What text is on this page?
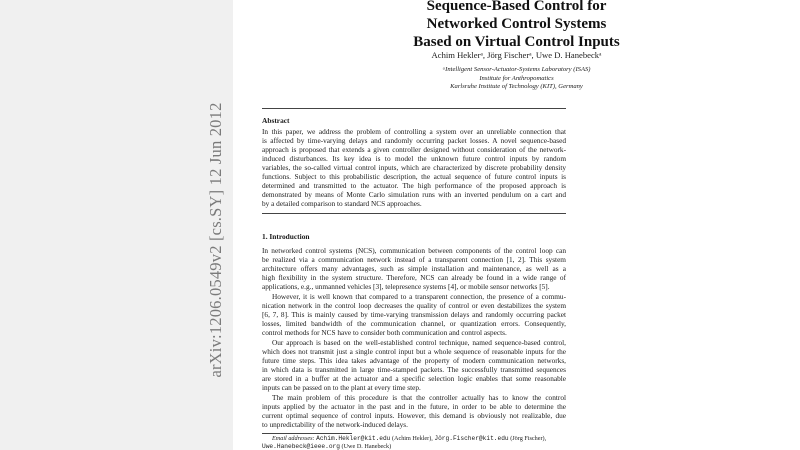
arXiv:1206.0549v2 [cs.SY] 12 Jun 2012
Sequence-Based Control for
Networked Control Systems
Based on Virtual Control Inputs
Achim Heklerᵃ, Jörg Fischerᵃ, Uwe D. Hanebeckᵃ
ᵃIntelligent Sensor-Actuator-Systems Laboratory (ISAS)
Institute for Anthropomatics
Karlsruhe Institute of Technology (KIT), Germany
Abstract
In this paper, we address the problem of controlling a system over an unreliable connection that
is affected by time-varying delays and randomly occurring packet losses. A novel sequence-based
approach is proposed that extends a given controller designed without consideration of the network-
induced disturbances. Its key idea is to model the unknown future control inputs by random
variables, the so-called virtual control inputs, which are characterized by discrete probability density
functions. Subject to this probabilistic description, the actual sequence of future control inputs is
determined and transmitted to the actuator. The high performance of the proposed approach is
demonstrated by means of Monte Carlo simulation runs with an inverted pendulum on a cart and
by a detailed comparison to standard NCS approaches.
1. Introduction
In networked control systems (NCS), communication between components of the control loop can
be realized via a communication network instead of a transparent connection [1, 2]. This system
architecture offers many advantages, such as simple installation and maintenance, as well as a
high flexibility in the system structure. Therefore, NCS can already be found in a wide range of
applications, e.g., unmanned vehicles [3], telepresence systems [4], or mobile sensor networks [5].
However, it is well known that compared to a transparent connection, the presence of a commu-
nication network in the control loop decreases the quality of control or even destabilizes the system
[6, 7, 8]. This is mainly caused by time-varying transmission delays and randomly occurring packet
losses, limited bandwidth of the communication channel, or quantization errors. Consequently,
control methods for NCS have to consider both communication and control aspects.
Our approach is based on the well-established control technique, named sequence-based control,
which does not transmit just a single control input but a whole sequence of reasonable inputs for the
future time steps. This idea takes advantage of the property of modern communication networks,
in which data is transmitted in large time-stamped packets. The successfully transmitted sequences
are stored in a buffer at the actuator and a specific selection logic enables that some reasonable
inputs can be passed on to the plant at every time step.
The main problem of this procedure is that the controller actually has to know the control
inputs applied by the actuator in the past and in the future, in order to be able to determine the
current optimal sequence of control inputs. However, this demand is obviously not realizable, due
to unpredictability of the network-induced delays.
Email addresses: Achim.Hekler@kit.edu (Achim Hekler), Jörg.Fischer@kit.edu (Jörg Fischer),
Uwe.Hanebeck@ieee.org (Uwe D. Hanebeck)
